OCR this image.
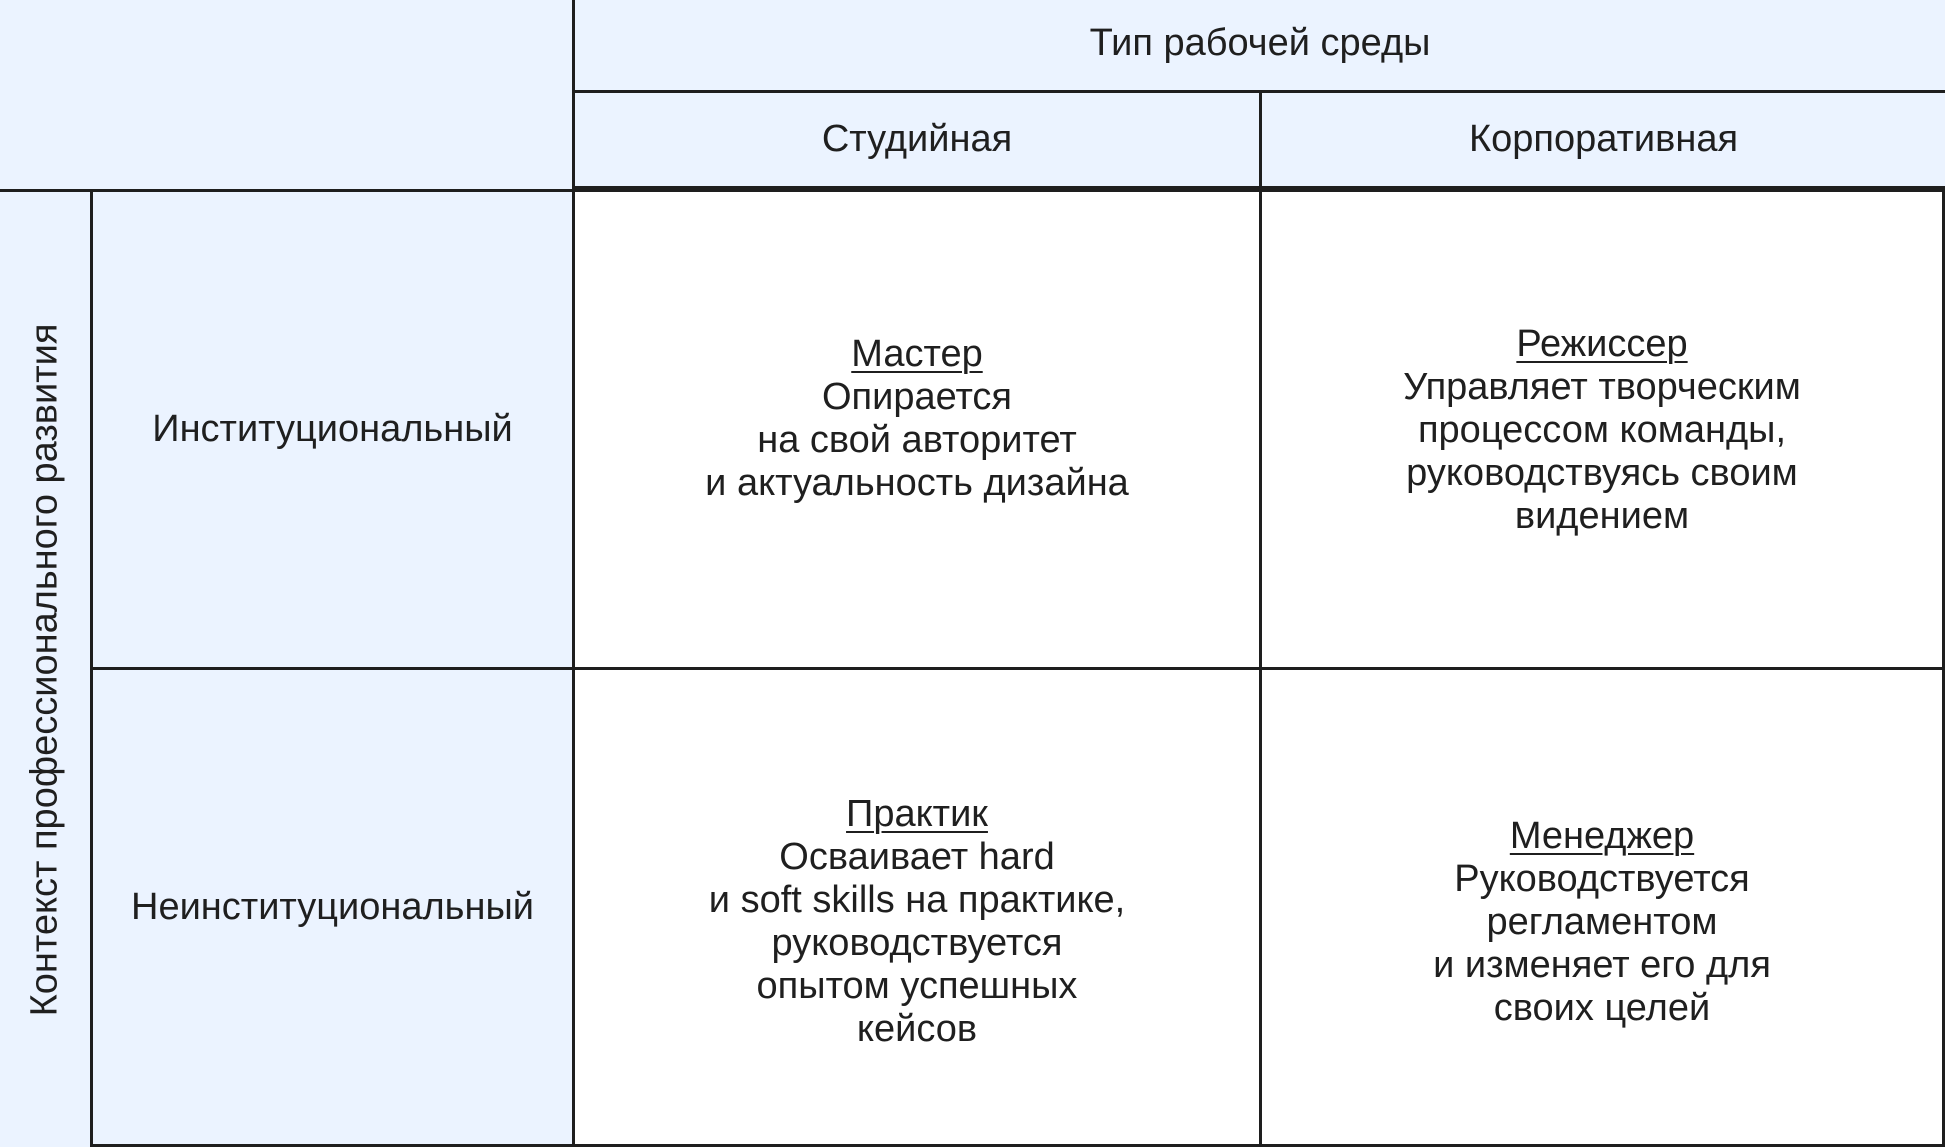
Тип рабочей среды
Студийная	Корпоративная
Контекст профессионального развития	Институциональный
Неинституциональный
Мастер
Опирается
на свой авторитет
и актуальность дизайна
Режиссер
Управляет творческим
процессом команды,
руководствуясь своим
видением
Практик
Осваивает hard
и soft skills на практике,
руководствуется
опытом успешных
кейсов
Менеджер
Руководствуется
регламентом
и изменяет его для
своих целей
